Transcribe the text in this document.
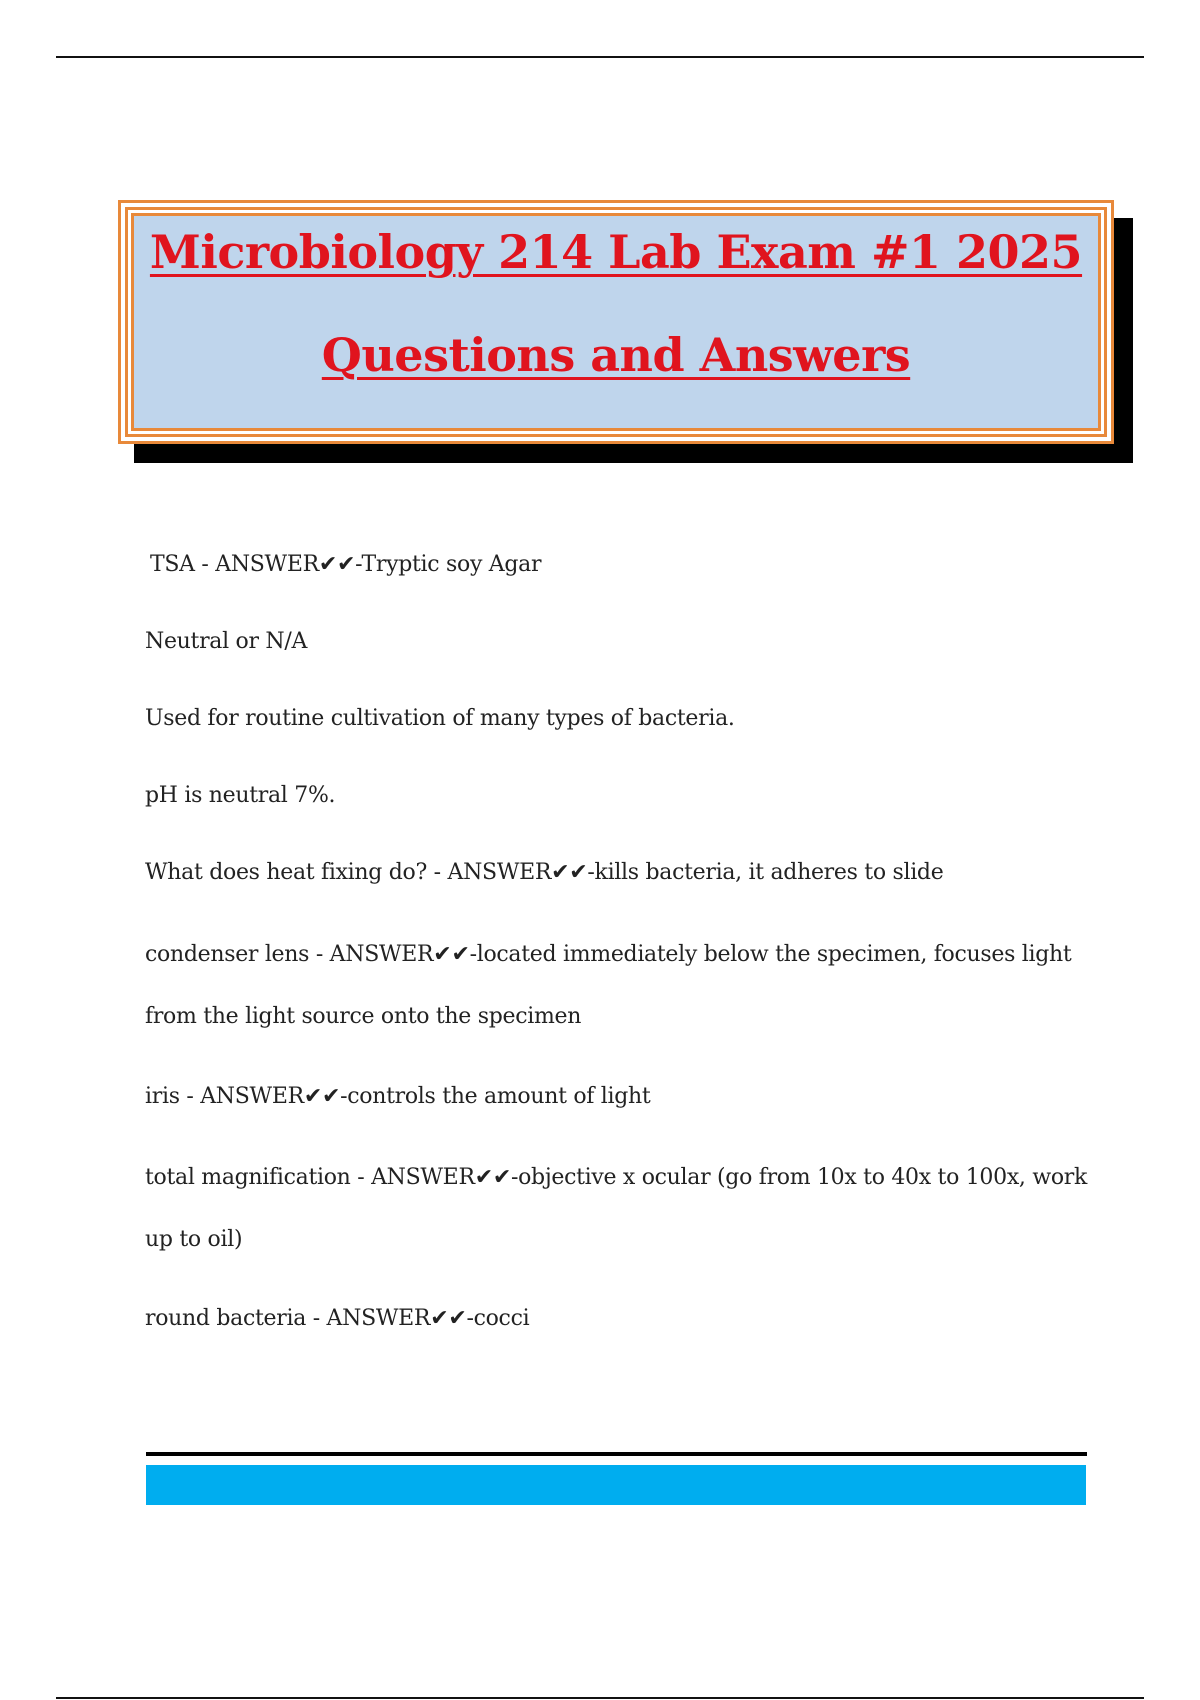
Microbiology 214 Lab Exam #1 2025
Questions and Answers

TSA - ANSWER✔✔-Tryptic soy Agar

Neutral or N/A

Used for routine cultivation of many types of bacteria.

pH is neutral 7%.

What does heat fixing do? - ANSWER✔✔-kills bacteria, it adheres to slide

condenser lens - ANSWER✔✔-located immediately below the specimen, focuses light

from the light source onto the specimen

iris - ANSWER✔✔-controls the amount of light

total magnification - ANSWER✔✔-objective x ocular (go from 10x to 40x to 100x, work

up to oil)

round bacteria - ANSWER✔✔-cocci
